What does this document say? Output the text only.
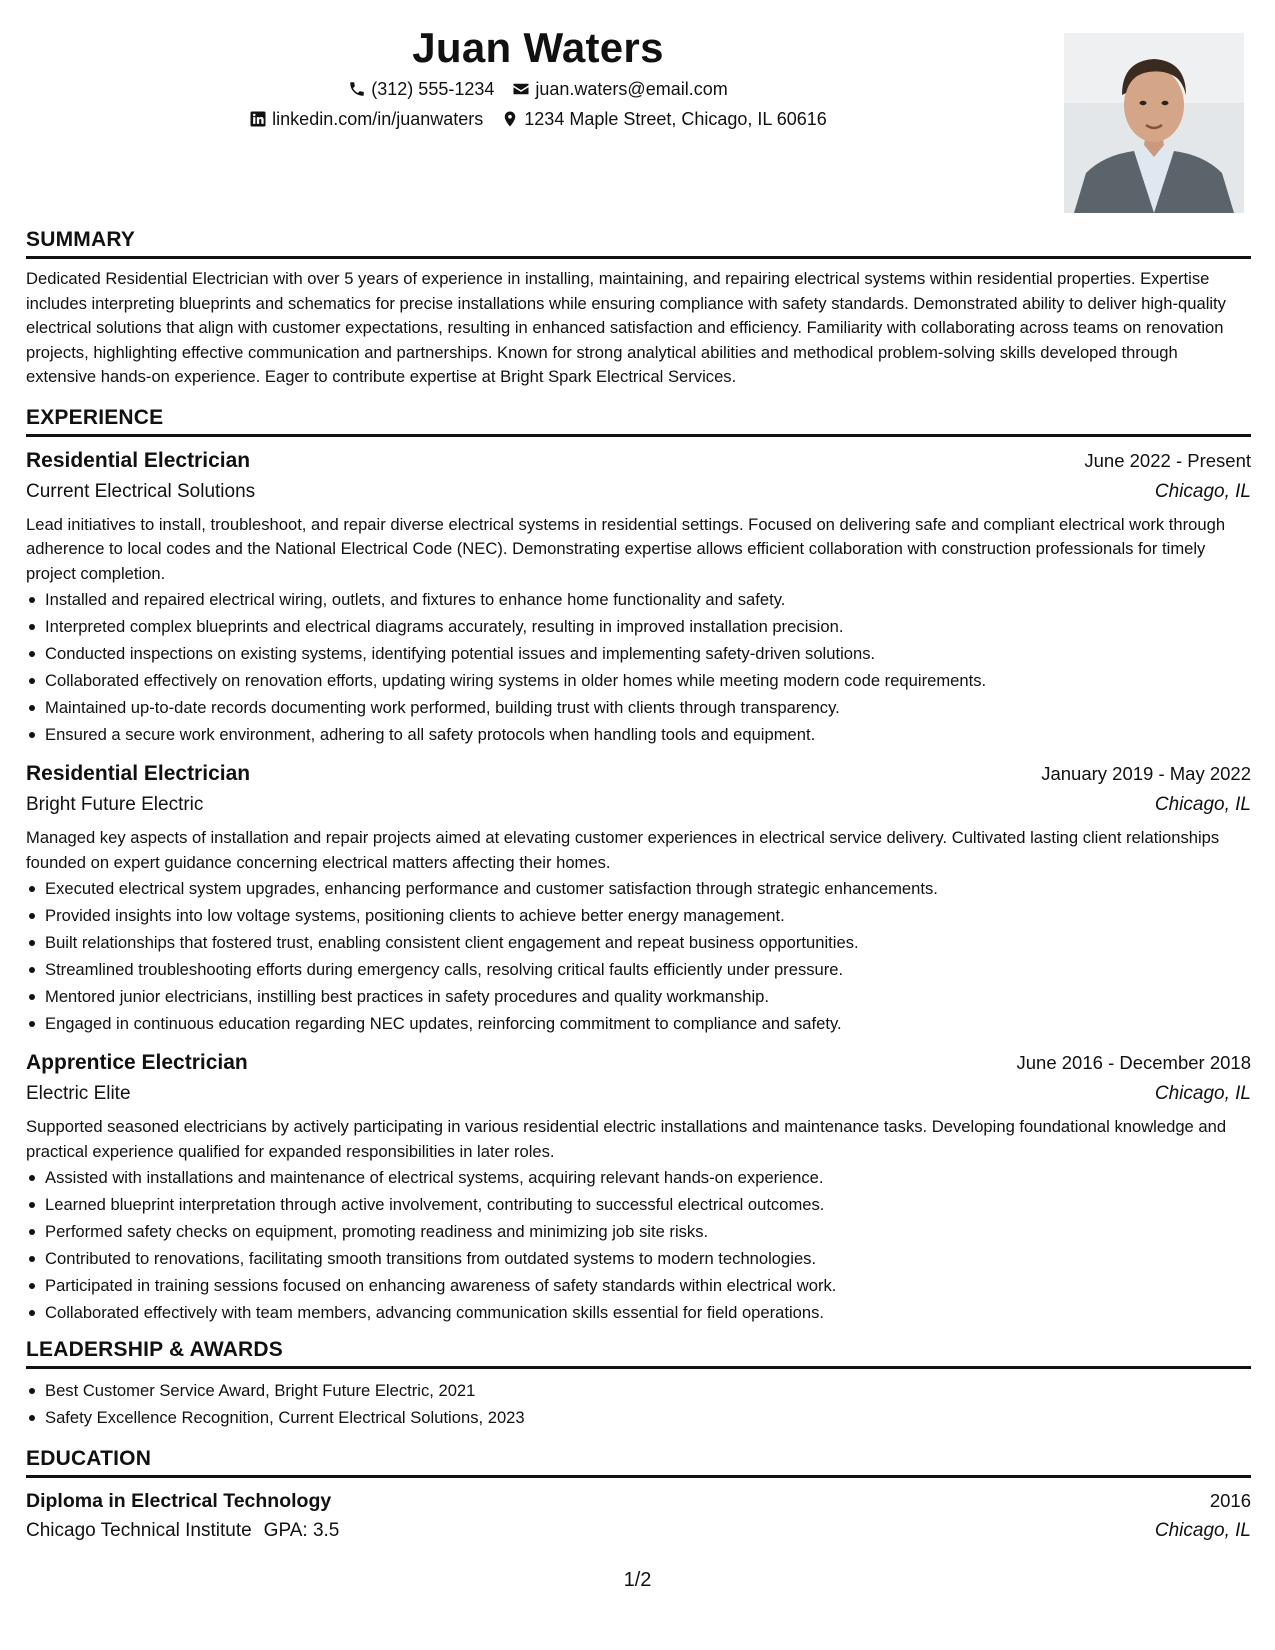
Juan Waters
(312) 555-1234 juan.waters@email.com
linkedin.com/in/juanwaters 1234 Maple Street, Chicago, IL 60616
SUMMARY

Dedicated Residential Electrician with over 5 years of experience in installing, maintaining, and repairing electrical systems within residential properties. Expertise includes interpreting blueprints and schematics for precise installations while ensuring compliance with safety standards. Demonstrated ability to deliver high-quality electrical solutions that align with customer expectations, resulting in enhanced satisfaction and efficiency. Familiarity with collaborating across teams on renovation projects, highlighting effective communication and partnerships. Known for strong analytical abilities and methodical problem-solving skills developed through extensive hands-on experience. Eager to contribute expertise at Bright Spark Electrical Services.

EXPERIENCE
Residential Electrician	June 2022 - Present
Current Electrical Solutions	Chicago, IL

Lead initiatives to install, troubleshoot, and repair diverse electrical systems in residential settings. Focused on delivering safe and compliant electrical work through adherence to local codes and the National Electrical Code (NEC). Demonstrating expertise allows efficient collaboration with construction professionals for timely project completion.

Installed and repaired electrical wiring, outlets, and fixtures to enhance home functionality and safety.
Interpreted complex blueprints and electrical diagrams accurately, resulting in improved installation precision.
Conducted inspections on existing systems, identifying potential issues and implementing safety-driven solutions.
Collaborated effectively on renovation efforts, updating wiring systems in older homes while meeting modern code requirements.
Maintained up-to-date records documenting work performed, building trust with clients through transparency.
Ensured a secure work environment, adhering to all safety protocols when handling tools and equipment.
Residential Electrician	January 2019 - May 2022
Bright Future Electric	Chicago, IL

Managed key aspects of installation and repair projects aimed at elevating customer experiences in electrical service delivery. Cultivated lasting client relationships founded on expert guidance concerning electrical matters affecting their homes.

Executed electrical system upgrades, enhancing performance and customer satisfaction through strategic enhancements.
Provided insights into low voltage systems, positioning clients to achieve better energy management.
Built relationships that fostered trust, enabling consistent client engagement and repeat business opportunities.
Streamlined troubleshooting efforts during emergency calls, resolving critical faults efficiently under pressure.
Mentored junior electricians, instilling best practices in safety procedures and quality workmanship.
Engaged in continuous education regarding NEC updates, reinforcing commitment to compliance and safety.
Apprentice Electrician	June 2016 - December 2018
Electric Elite	Chicago, IL

Supported seasoned electricians by actively participating in various residential electric installations and maintenance tasks. Developing foundational knowledge and practical experience qualified for expanded responsibilities in later roles.

Assisted with installations and maintenance of electrical systems, acquiring relevant hands-on experience.
Learned blueprint interpretation through active involvement, contributing to successful electrical outcomes.
Performed safety checks on equipment, promoting readiness and minimizing job site risks.
Contributed to renovations, facilitating smooth transitions from outdated systems to modern technologies.
Participated in training sessions focused on enhancing awareness of safety standards within electrical work.
Collaborated effectively with team members, advancing communication skills essential for field operations.
LEADERSHIP & AWARDS
Best Customer Service Award, Bright Future Electric, 2021
Safety Excellence Recognition, Current Electrical Solutions, 2023
EDUCATION
Diploma in Electrical Technology	2016
Chicago Technical Institute GPA: 3.5	Chicago, IL
1/2
